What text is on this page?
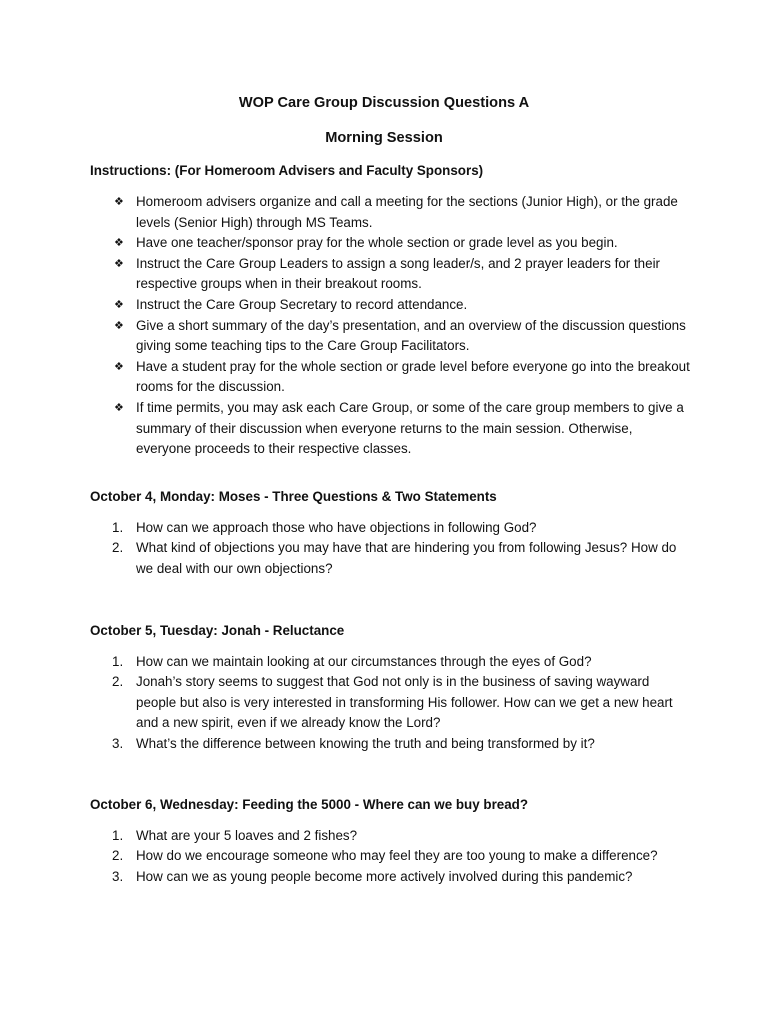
WOP Care Group Discussion Questions A
Morning Session
Instructions: (For Homeroom Advisers and Faculty Sponsors)
❖ Homeroom advisers organize and call a meeting for the sections (Junior High), or the grade levels (Senior High) through MS Teams.
❖ Have one teacher/sponsor pray for the whole section or grade level as you begin.
❖ Instruct the Care Group Leaders to assign a song leader/s, and 2 prayer leaders for their respective groups when in their breakout rooms.
❖ Instruct the Care Group Secretary to record attendance.
❖ Give a short summary of the day’s presentation, and an overview of the discussion questions giving some teaching tips to the Care Group Facilitators.
❖ Have a student pray for the whole section or grade level before everyone go into the breakout rooms for the discussion.
❖ If time permits, you may ask each Care Group, or some of the care group members to give a summary of their discussion when everyone returns to the main session. Otherwise, everyone proceeds to their respective classes.
October 4, Monday: Moses - Three Questions & Two Statements
1. How can we approach those who have objections in following God?
2. What kind of objections you may have that are hindering you from following Jesus? How do we deal with our own objections?
October 5, Tuesday: Jonah - Reluctance
1. How can we maintain looking at our circumstances through the eyes of God?
2. Jonah’s story seems to suggest that God not only is in the business of saving wayward people but also is very interested in transforming His follower. How can we get a new heart and a new spirit, even if we already know the Lord?
3. What’s the difference between knowing the truth and being transformed by it?
October 6, Wednesday: Feeding the 5000 - Where can we buy bread?
1. What are your 5 loaves and 2 fishes?
2. How do we encourage someone who may feel they are too young to make a difference?
3. How can we as young people become more actively involved during this pandemic?
